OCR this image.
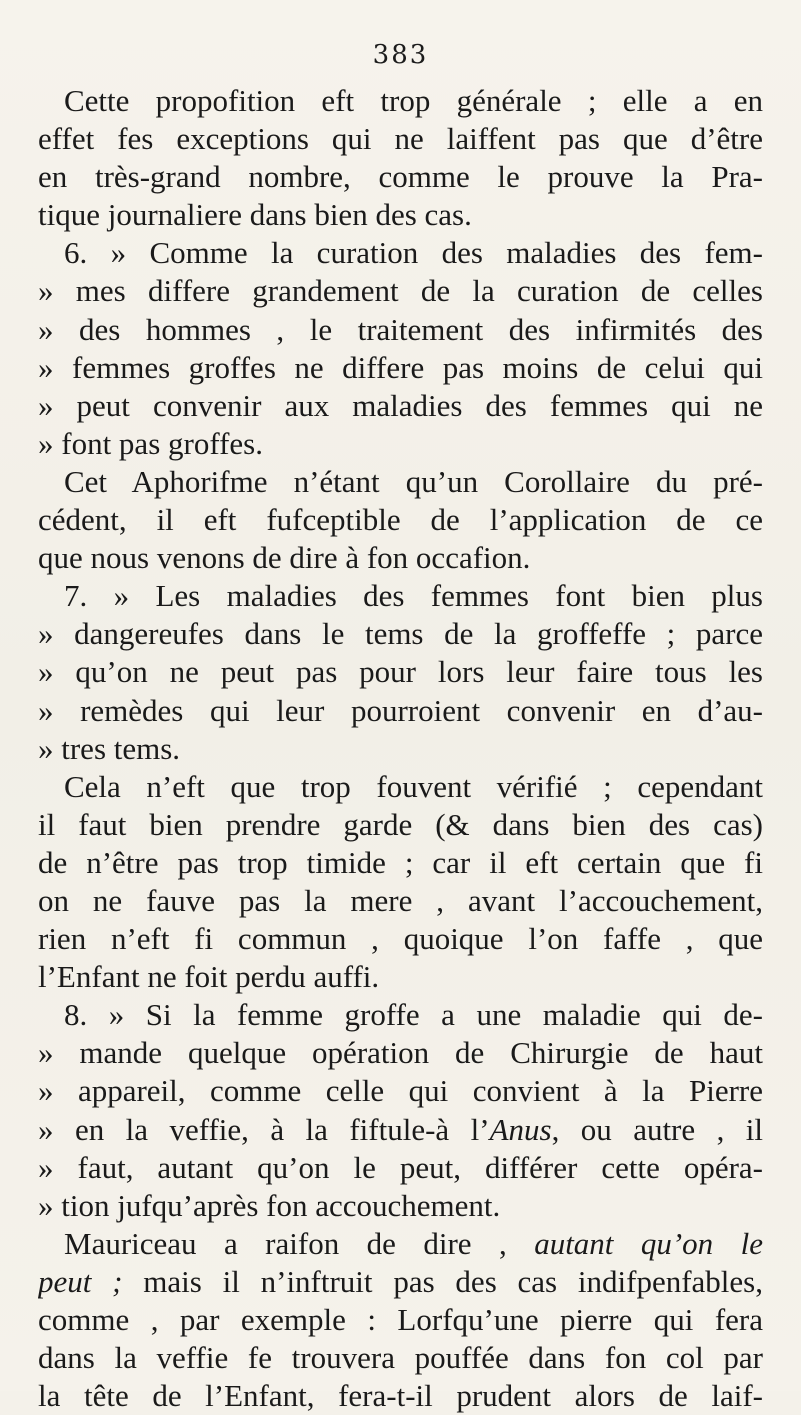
383
Cette propofition eft trop générale ; elle a en
effet fes exceptions qui ne laiffent pas que d’être
en très-grand nombre, comme le prouve la Pra-
tique journaliere dans bien des cas.
6. » Comme la curation des maladies des fem-
» mes differe grandement de la curation de celles
» des hommes , le traitement des infirmités des
» femmes groffes ne differe pas moins de celui qui
» peut convenir aux maladies des femmes qui ne
» font pas groffes.
Cet Aphorifme n’étant qu’un Corollaire du pré-
cédent, il eft fufceptible de l’application de ce
que nous venons de dire à fon occafion.
7. » Les maladies des femmes font bien plus
» dangereufes dans le tems de la groffeffe ; parce
» qu’on ne peut pas pour lors leur faire tous les
» remèdes qui leur pourroient convenir en d’au-
» tres tems.
Cela n’eft que trop fouvent vérifié ; cependant
il faut bien prendre garde (& dans bien des cas)
de n’être pas trop timide ; car il eft certain que fi
on ne fauve pas la mere , avant l’accouchement,
rien n’eft fi commun , quoique l’on faffe , que
l’Enfant ne foit perdu auffi.
8. » Si la femme groffe a une maladie qui de-
» mande quelque opération de Chirurgie de haut
» appareil, comme celle qui convient à la Pierre
» en la veffie, à la fiftule-à l’Anus, ou autre , il
» faut, autant qu’on le peut, différer cette opéra-
» tion jufqu’après fon accouchement.
Mauriceau a raifon de dire , autant qu’on le
peut ; mais il n’inftruit pas des cas indifpenfables,
comme , par exemple : Lorfqu’une pierre qui fera
dans la veffie fe trouvera pouffée dans fon col par
la tête de l’Enfant, fera-t-il prudent alors de laif-
